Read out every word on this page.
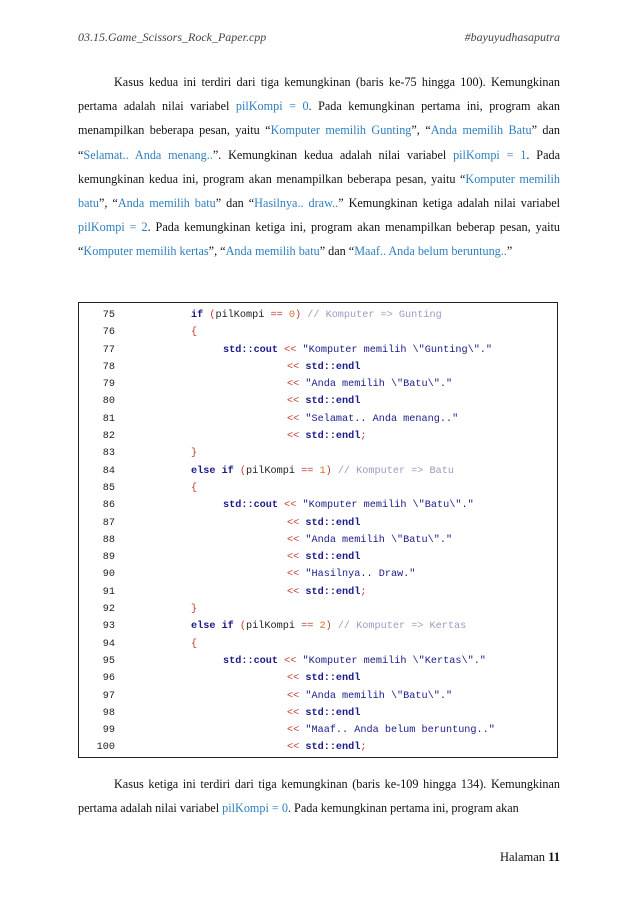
03.15.Game_Scissors_Rock_Paper.cpp	#bayuyudhasaputra

Kasus kedua ini terdiri dari tiga kemungkinan (baris ke-75 hingga 100). Kemungkinan pertama adalah nilai variabel pilKompi = 0. Pada kemungkinan pertama ini, program akan menampilkan beberapa pesan, yaitu “Komputer memilih Gunting”, “Anda memilih Batu” dan “Selamat.. Anda menang..”. Kemungkinan kedua adalah nilai variabel pilKompi = 1. Pada kemungkinan kedua ini, program akan menampilkan beberapa pesan, yaitu “Komputer memilih batu”, “Anda memilih batu” dan “Hasilnya.. draw..” Kemungkinan ketiga adalah nilai variabel pilKompi = 2. Pada kemungkinan ketiga ini, program akan menampilkan beberap pesan, yaitu “Komputer memilih kertas”, “Anda memilih batu” dan “Maaf.. Anda belum beruntung..”

75	if (pilKompi == 0) // Komputer => Gunting
76	{
77	std::cout << "Komputer memilih \"Gunting\"."
78	<< std::endl
79	<< "Anda memilih \"Batu\"."
80	<< std::endl
81	<< "Selamat.. Anda menang.."
82	<< std::endl;
83	}
84	else if (pilKompi == 1) // Komputer => Batu
85	{
86	std::cout << "Komputer memilih \"Batu\"."
87	<< std::endl
88	<< "Anda memilih \"Batu\"."
89	<< std::endl
90	<< "Hasilnya.. Draw."
91	<< std::endl;
92	}
93	else if (pilKompi == 2) // Komputer => Kertas
94	{
95	std::cout << "Komputer memilih \"Kertas\"."
96	<< std::endl
97	<< "Anda memilih \"Batu\"."
98	<< std::endl
99	<< "Maaf.. Anda belum beruntung.."
100	<< std::endl;

Kasus ketiga ini terdiri dari tiga kemungkinan (baris ke-109 hingga 134). Kemungkinan pertama adalah nilai variabel pilKompi = 0. Pada kemungkinan pertama ini, program akan

Halaman 11
